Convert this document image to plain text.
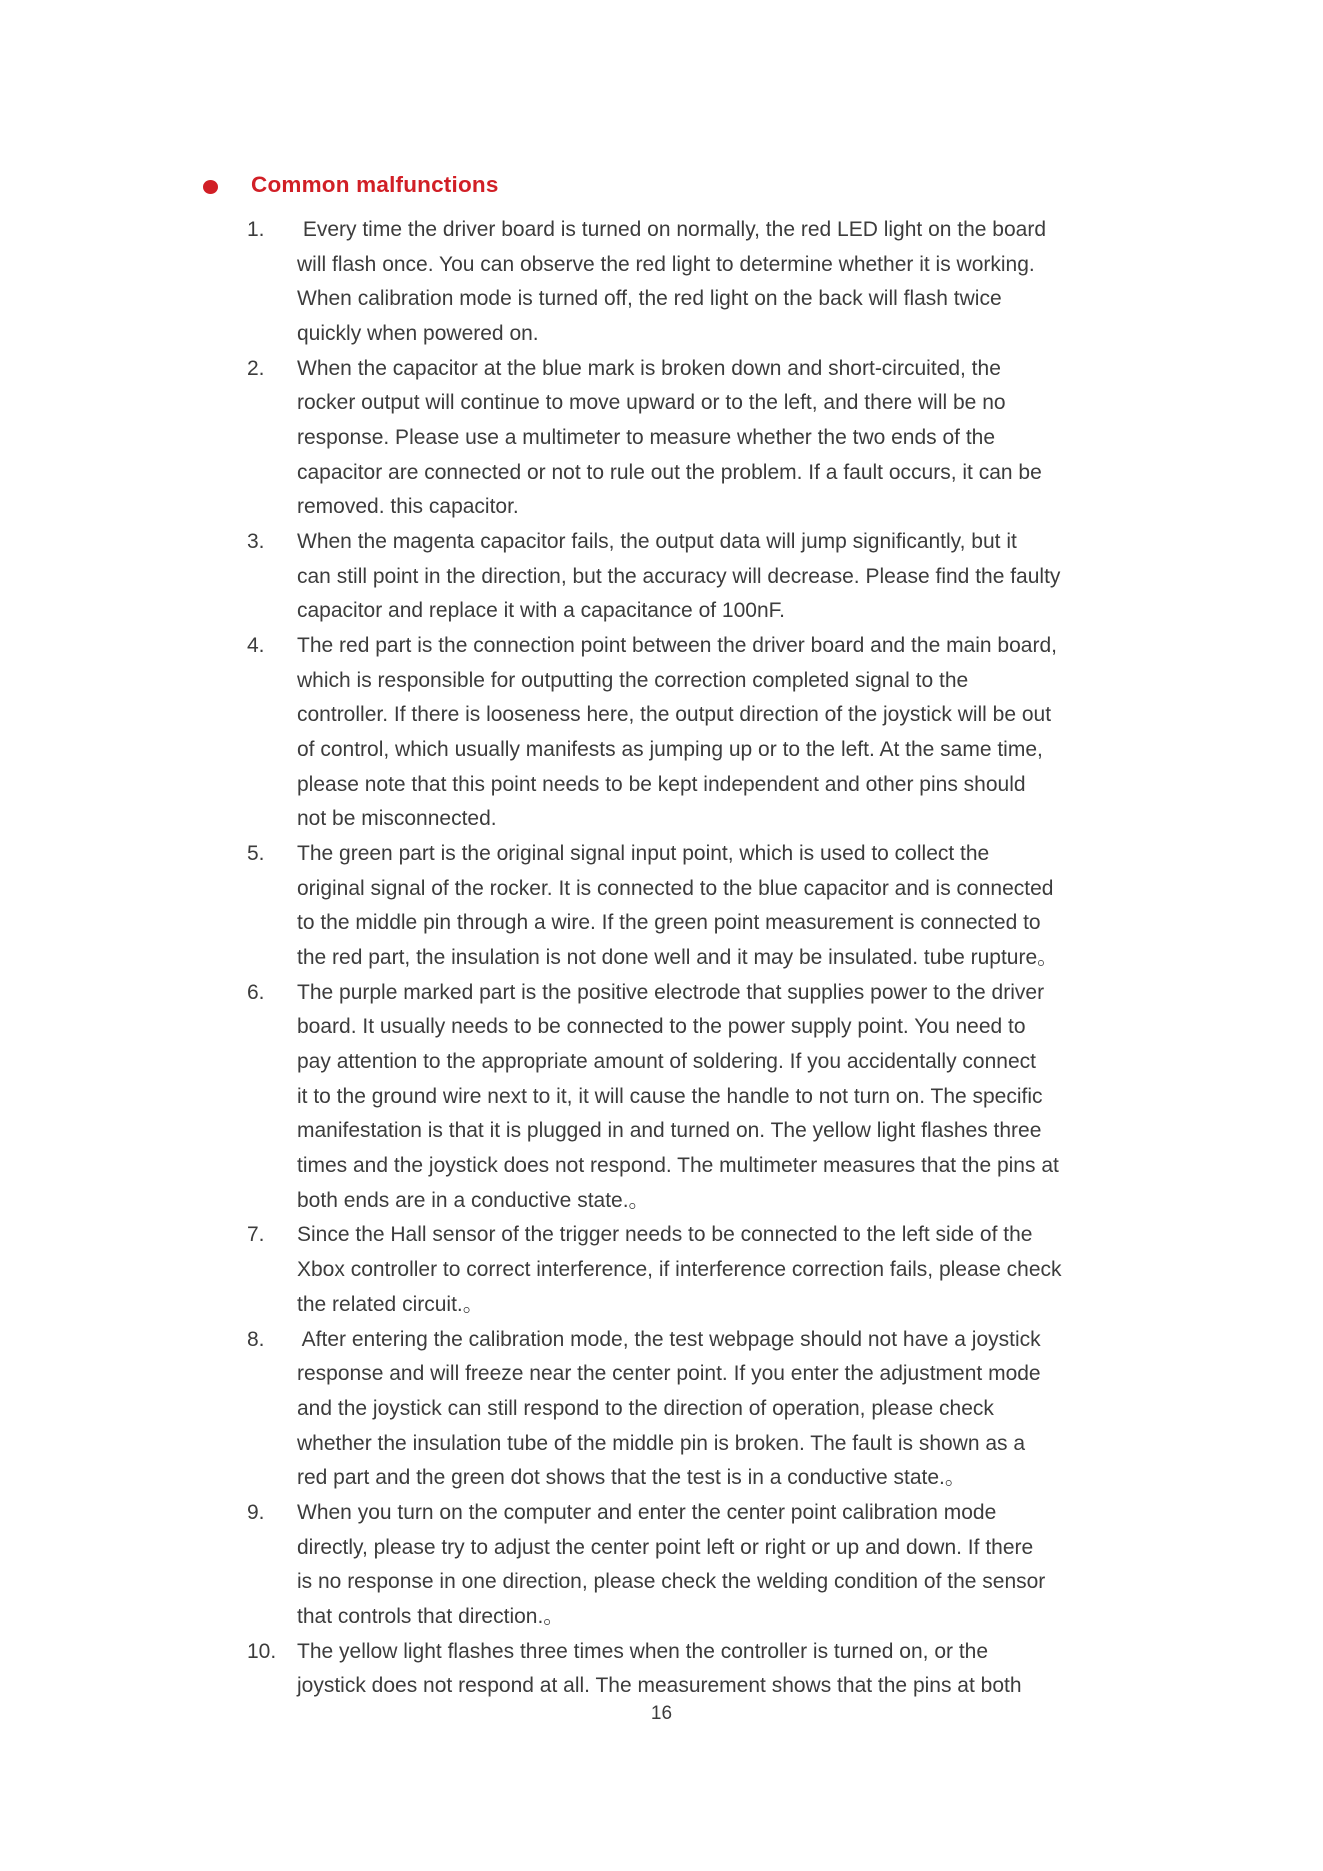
Common malfunctions
1.	Every time the driver board is turned on normally, the red LED light on the board
will flash once. You can observe the red light to determine whether it is working.
When calibration mode is turned off, the red light on the back will flash twice
quickly when powered on.
2.	When the capacitor at the blue mark is broken down and short-circuited, the
rocker output will continue to move upward or to the left, and there will be no
response. Please use a multimeter to measure whether the two ends of the
capacitor are connected or not to rule out the problem. If a fault occurs, it can be
removed. this capacitor.
3.	When the magenta capacitor fails, the output data will jump significantly, but it
can still point in the direction, but the accuracy will decrease. Please find the faulty
capacitor and replace it with a capacitance of 100nF.
4.	The red part is the connection point between the driver board and the main board,
which is responsible for outputting the correction completed signal to the
controller. If there is looseness here, the output direction of the joystick will be out
of control, which usually manifests as jumping up or to the left. At the same time,
please note that this point needs to be kept independent and other pins should
not be misconnected.
5.	The green part is the original signal input point, which is used to collect the
original signal of the rocker. It is connected to the blue capacitor and is connected
to the middle pin through a wire. If the green point measurement is connected to
the red part, the insulation is not done well and it may be insulated. tube rupture。
6.	The purple marked part is the positive electrode that supplies power to the driver
board. It usually needs to be connected to the power supply point. You need to
pay attention to the appropriate amount of soldering. If you accidentally connect
it to the ground wire next to it, it will cause the handle to not turn on. The specific
manifestation is that it is plugged in and turned on. The yellow light flashes three
times and the joystick does not respond. The multimeter measures that the pins at
both ends are in a conductive state.。
7.	Since the Hall sensor of the trigger needs to be connected to the left side of the
Xbox controller to correct interference, if interference correction fails, please check
the related circuit.。
8.	After entering the calibration mode, the test webpage should not have a joystick
response and will freeze near the center point. If you enter the adjustment mode
and the joystick can still respond to the direction of operation, please check
whether the insulation tube of the middle pin is broken. The fault is shown as a
red part and the green dot shows that the test is in a conductive state.。
9.	When you turn on the computer and enter the center point calibration mode
directly, please try to adjust the center point left or right or up and down. If there
is no response in one direction, please check the welding condition of the sensor
that controls that direction.。
10. The yellow light flashes three times when the controller is turned on, or the
joystick does not respond at all. The measurement shows that the pins at both
16
